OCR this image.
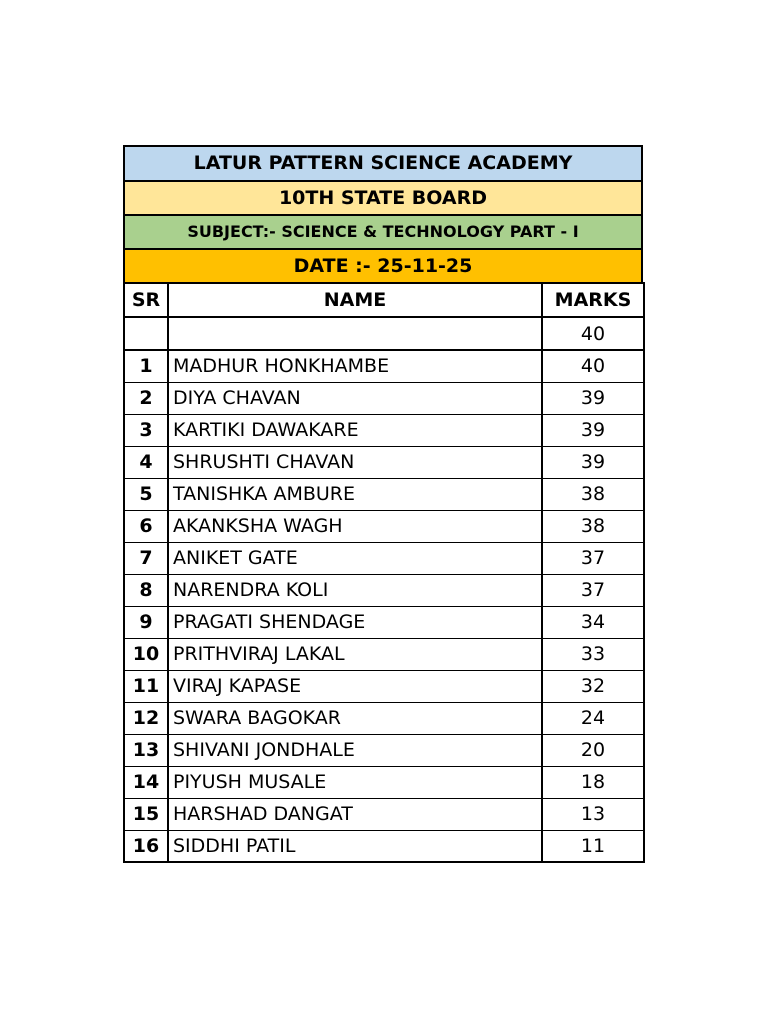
LATUR PATTERN SCIENCE ACADEMY
10TH STATE BOARD
SUBJECT:- SCIENCE & TECHNOLOGY PART - I
DATE :- 25-11-25
SR	NAME	MARKS
		40
1	MADHUR HONKHAMBE	40
2	DIYA CHAVAN	39
3	KARTIKI DAWAKARE	39
4	SHRUSHTI CHAVAN	39
5	TANISHKA AMBURE	38
6	AKANKSHA WAGH	38
7	ANIKET GATE	37
8	NARENDRA KOLI	37
9	PRAGATI SHENDAGE	34
10	PRITHVIRAJ LAKAL	33
11	VIRAJ KAPASE	32
12	SWARA BAGOKAR	24
13	SHIVANI JONDHALE	20
14	PIYUSH MUSALE	18
15	HARSHAD DANGAT	13
16	SIDDHI PATIL	11
